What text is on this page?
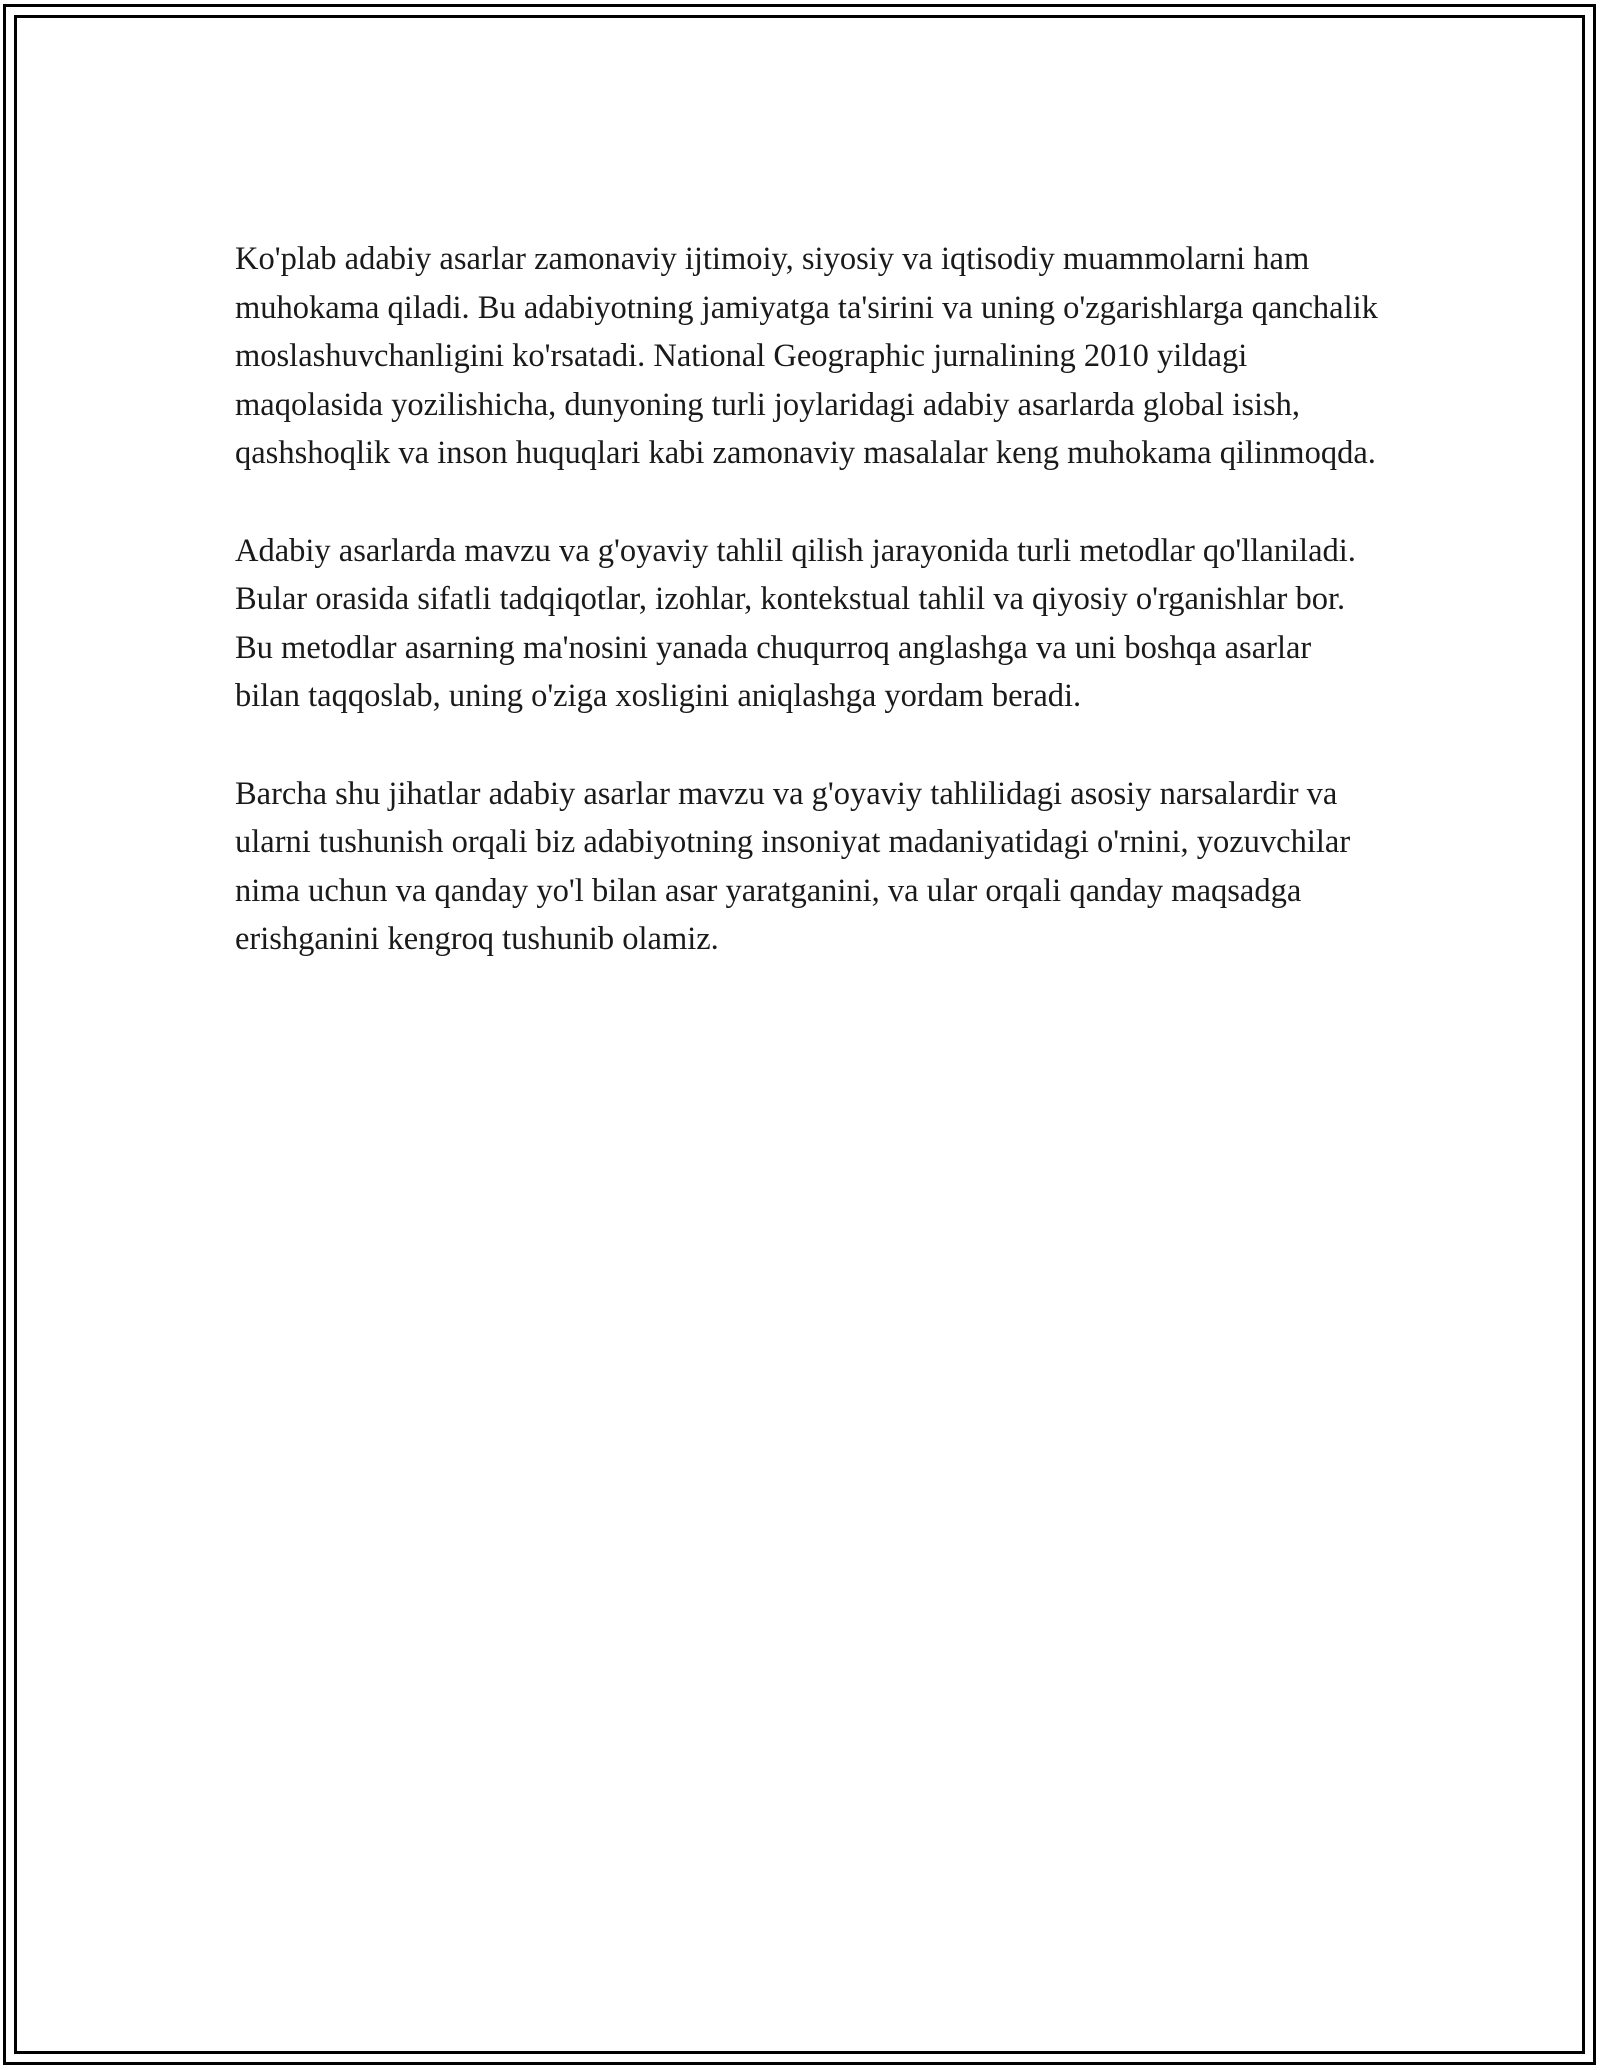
Ko'plab adabiy asarlar zamonaviy ijtimoiy, siyosiy va iqtisodiy muammolarni ham muhokama qiladi. Bu adabiyotning jamiyatga ta'sirini va uning o'zgarishlarga qanchalik moslashuvchanligini ko'rsatadi. National Geographic jurnalining 2010 yildagi maqolasida yozilishicha, dunyoning turli joylaridagi adabiy asarlarda global isish, qashshoqlik va inson huquqlari kabi zamonaviy masalalar keng muhokama qilinmoqda.

Adabiy asarlarda mavzu va g'oyaviy tahlil qilish jarayonida turli metodlar qo'llaniladi. Bular orasida sifatli tadqiqotlar, izohlar, kontekstual tahlil va qiyosiy o'rganishlar bor. Bu metodlar asarning ma'nosini yanada chuqurroq anglashga va uni boshqa asarlar bilan taqqoslab, uning o'ziga xosligini aniqlashga yordam beradi.

Barcha shu jihatlar adabiy asarlar mavzu va g'oyaviy tahlilidagi asosiy narsalardir va ularni tushunish orqali biz adabiyotning insoniyat madaniyatidagi o'rnini, yozuvchilar nima uchun va qanday yo'l bilan asar yaratganini, va ular orqali qanday maqsadga erishganini kengroq tushunib olamiz.
